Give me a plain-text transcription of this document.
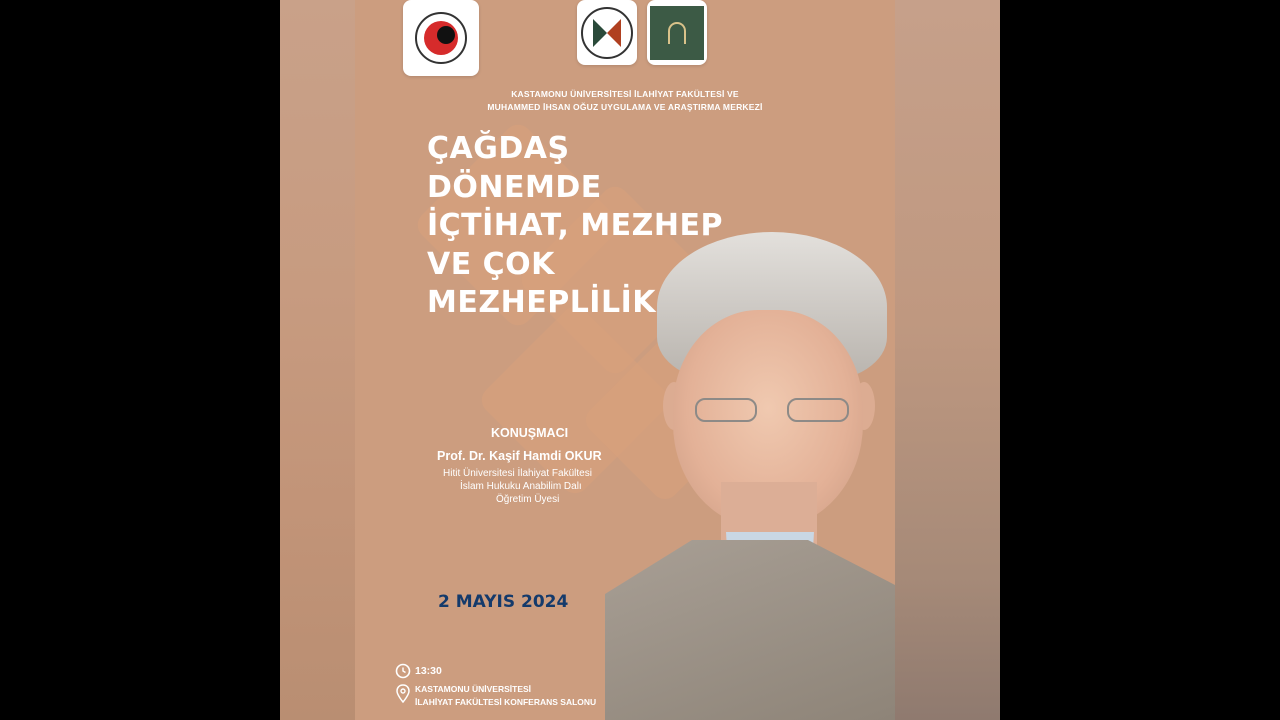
KASTAMONU ÜNİVERSİTESİ İLAHİYAT FAKÜLTESİ VE
MUHAMMED İHSAN OĞUZ UYGULAMA VE ARAŞTIRMA MERKEZİ
ÇAĞDAŞ
DÖNEMDE
İÇTİHAT, MEZHEP
VE ÇOK
MEZHEPLİLİK
KONUŞMACI
Prof. Dr. Kaşif Hamdi OKUR
Hitit Üniversitesi İlahiyat Fakültesi
İslam Hukuku Anabilim Dalı
Öğretim Üyesi
2 MAYIS 2024
13:30
KASTAMONU ÜNİVERSİTESİ
İLAHİYAT FAKÜLTESİ KONFERANS SALONU
